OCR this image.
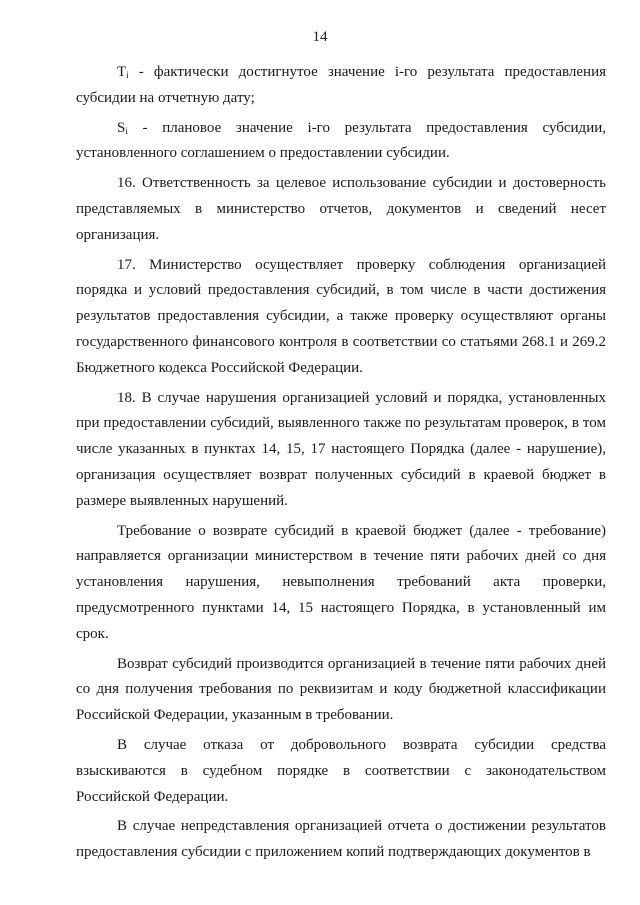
14

$T_i$ - фактически достигнутое значение i-го результата предоставления субсидии на отчетную дату;

$S_i$ - плановое значение i-го результата предоставления субсидии, установленного соглашением о предоставлении субсидии.

16. Ответственность за целевое использование субсидии и достоверность представляемых в министерство отчетов, документов и сведений несет организация.

17. Министерство осуществляет проверку соблюдения организацией порядка и условий предоставления субсидий, в том числе в части достижения результатов предоставления субсидии, а также проверку осуществляют органы государственного финансового контроля в соответствии со статьями 268.1 и 269.2 Бюджетного кодекса Российской Федерации.

18. В случае нарушения организацией условий и порядка, установленных при предоставлении субсидий, выявленного также по результатам проверок, в том числе указанных в пунктах 14, 15, 17 настоящего Порядка (далее - нарушение), организация осуществляет возврат полученных субсидий в краевой бюджет в размере выявленных нарушений.

Требование о возврате субсидий в краевой бюджет (далее - требование) направляется организации министерством в течение пяти рабочих дней со дня установления нарушения, невыполнения требований акта проверки, предусмотренного пунктами 14, 15 настоящего Порядка, в установленный им срок.

Возврат субсидий производится организацией в течение пяти рабочих дней со дня получения требования по реквизитам и коду бюджетной классификации Российской Федерации, указанным в требовании.

В случае отказа от добровольного возврата субсидии средства взыскиваются в судебном порядке в соответствии с законодательством Российской Федерации.

В случае непредставления организацией отчета о достижении результатов предоставления субсидии с приложением копий подтверждающих документов в
